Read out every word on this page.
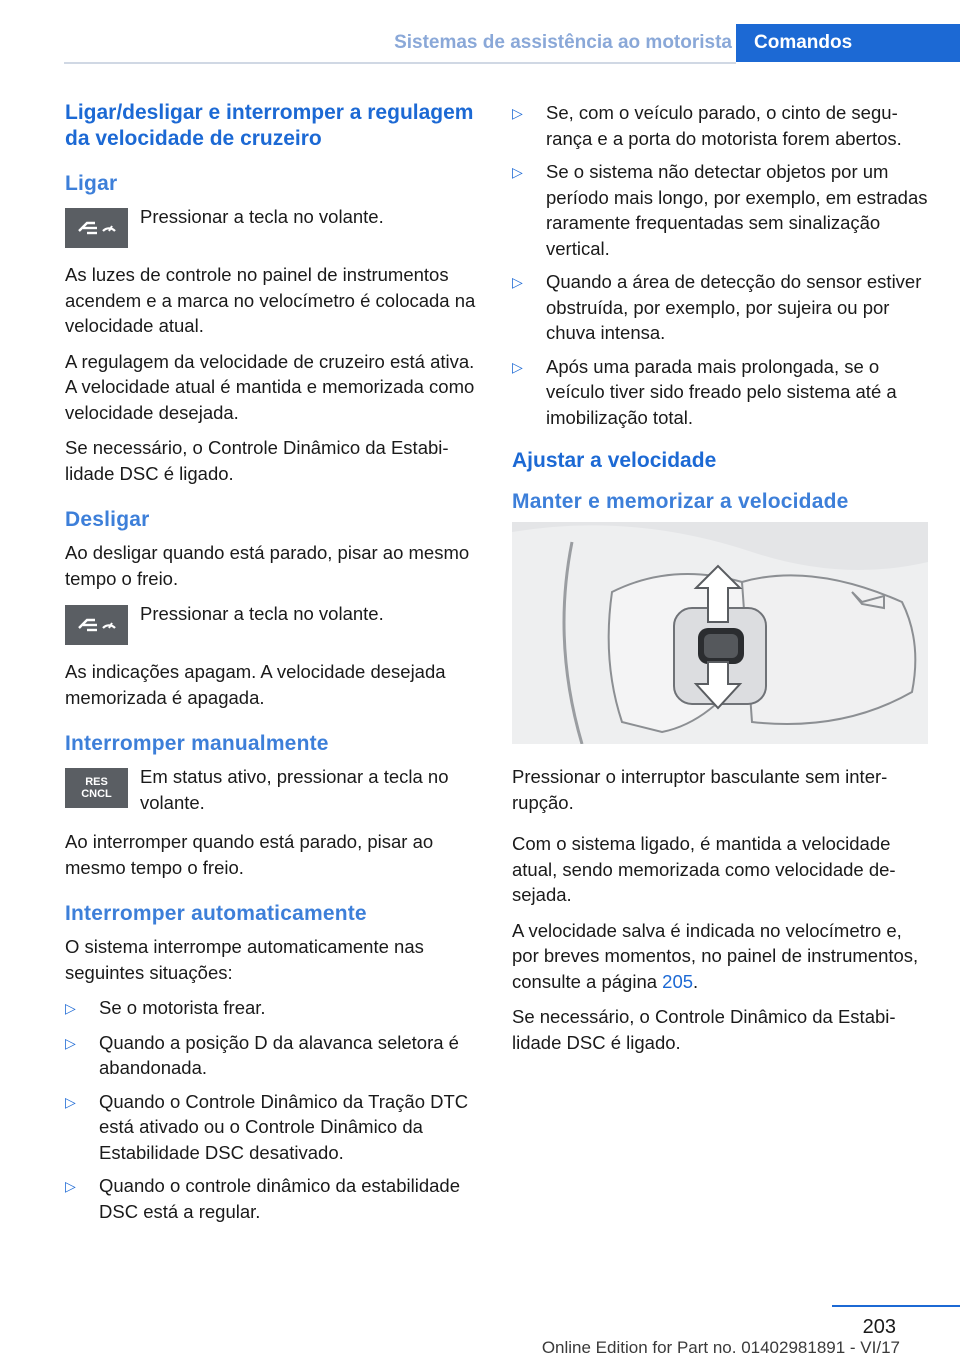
Sistemas de assistência ao motorista	Comandos
Ligar/desligar e interromper a regulagem da velocidade de cruzeiro
Ligar
Pressionar a tecla no volante.

As luzes de controle no painel de instrumentos acendem e a marca no velocímetro é colocada na velocidade atual.

A regulagem da velocidade de cruzeiro está ativa. A velocidade atual é mantida e memorizada como velocidade desejada.

Se necessário, o Controle Dinâmico da Estabilidade DSC é ligado.

Desligar

Ao desligar quando está parado, pisar ao mesmo tempo o freio.

Pressionar a tecla no volante.

As indicações apagam. A velocidade desejada memorizada é apagada.

Interromper manualmente
RES
CNCL
Em status ativo, pressionar a tecla no volante.

Ao interromper quando está parado, pisar ao mesmo tempo o freio.

Interromper automaticamente

O sistema interrompe automaticamente nas seguintes situações:

▷	Se o motorista frear.
▷	Quando a posição D da alavanca seletora é abandonada.
▷	Quando o Controle Dinâmico da Tração DTC está ativado ou o Controle Dinâmico da Estabilidade DSC desativado.
▷	Quando o controle dinâmico da estabilidade DSC está a regular.
▷	Se, com o veículo parado, o cinto de segurança e a porta do motorista forem abertos.
▷	Se o sistema não detectar objetos por um período mais longo, por exemplo, em estradas raramente frequentadas sem sinalização vertical.
▷	Quando a área de detecção do sensor estiver obstruída, por exemplo, por sujeira ou por chuva intensa.
▷	Após uma parada mais prolongada, se o veículo tiver sido freado pelo sistema até a imobilização total.
Ajustar a velocidade
Manter e memorizar a velocidade

Pressionar o interruptor basculante sem interrupção.

Com o sistema ligado, é mantida a velocidade atual, sendo memorizada como velocidade desejada.

A velocidade salva é indicada no velocímetro e, por breves momentos, no painel de instrumentos, consulte a página 205.

Se necessário, o Controle Dinâmico da Estabilidade DSC é ligado.

203
Online Edition for Part no. 01402981891 - VI/17
